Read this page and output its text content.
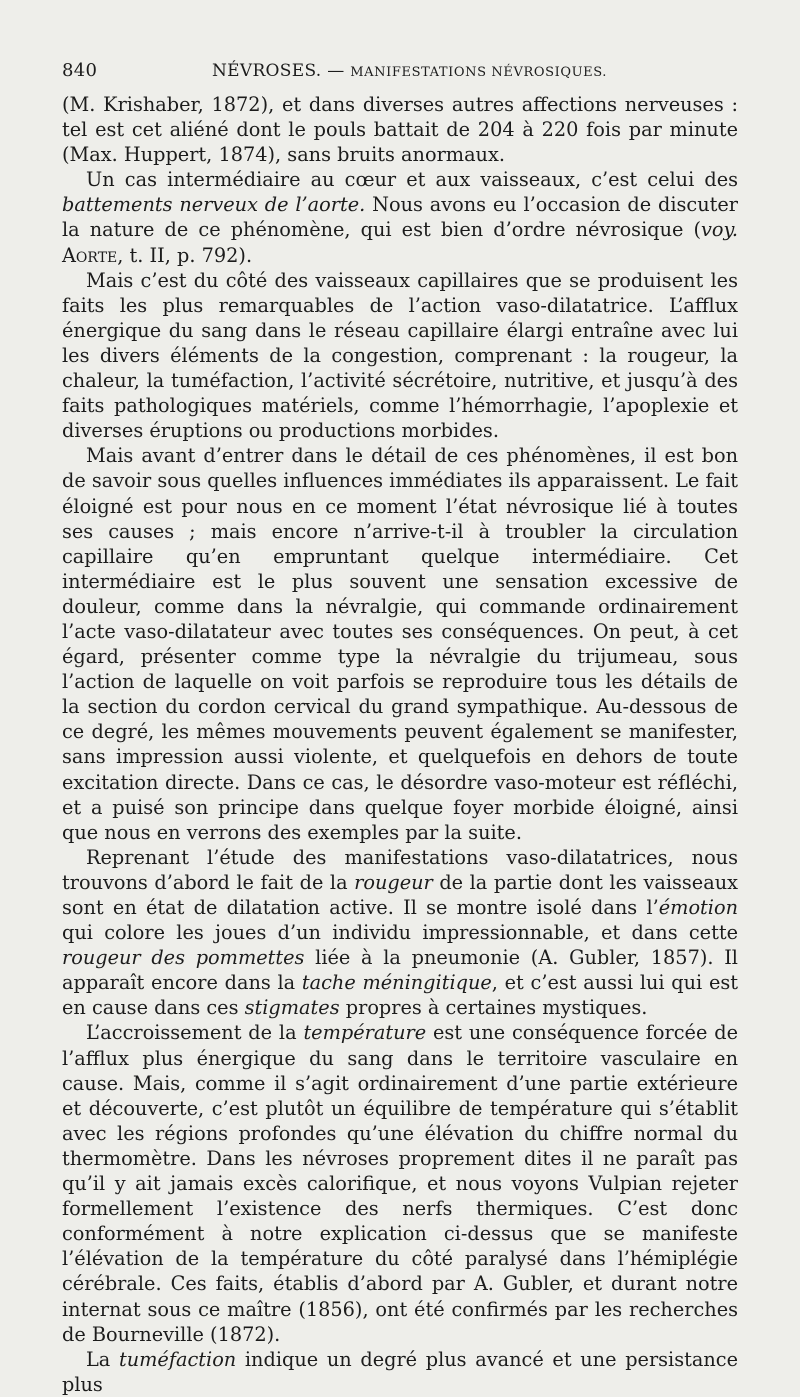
840	NÉVROSES. — MANIFESTATIONS NÉVROSIQUES.

(M. Krishaber, 1872), et dans diverses autres affections nerveuses : tel est cet aliéné dont le pouls battait de 204 à 220 fois par minute (Max. Huppert, 1874), sans bruits anormaux.

Un cas intermédiaire au cœur et aux vaisseaux, c’est celui des battements nerveux de l’aorte. Nous avons eu l’occasion de discuter la nature de ce phénomène, qui est bien d’ordre névrosique (voy. Aorte, t. II, p. 792).

Mais c’est du côté des vaisseaux capillaires que se produisent les faits les plus remarquables de l’action vaso-dilatatrice. L’afflux énergique du sang dans le réseau capillaire élargi entraîne avec lui les divers éléments de la congestion, comprenant : la rougeur, la chaleur, la tuméfaction, l’activité sécrétoire, nutritive, et jusqu’à des faits pathologiques matériels, comme l’hémorrhagie, l’apoplexie et diverses éruptions ou productions morbides.

Mais avant d’entrer dans le détail de ces phénomènes, il est bon de savoir sous quelles influences immédiates ils apparaissent. Le fait éloigné est pour nous en ce moment l’état névrosique lié à toutes ses causes ; mais encore n’arrive-t-il à troubler la circulation capillaire qu’en empruntant quelque intermédiaire. Cet intermédiaire est le plus souvent une sensation excessive de douleur, comme dans la névralgie, qui commande ordinairement l’acte vaso-dilatateur avec toutes ses conséquences. On peut, à cet égard, présenter comme type la névralgie du trijumeau, sous l’action de laquelle on voit parfois se reproduire tous les détails de la section du cordon cervical du grand sympathique. Au-dessous de ce degré, les mêmes mouvements peuvent également se manifester, sans impression aussi violente, et quelquefois en dehors de toute excitation directe. Dans ce cas, le désordre vaso-moteur est réfléchi, et a puisé son principe dans quelque foyer morbide éloigné, ainsi que nous en verrons des exemples par la suite.

Reprenant l’étude des manifestations vaso-dilatatrices, nous trouvons d’abord le fait de la rougeur de la partie dont les vaisseaux sont en état de dilatation active. Il se montre isolé dans l’émotion qui colore les joues d’un individu impressionnable, et dans cette rougeur des pommettes liée à la pneumonie (A. Gubler, 1857). Il apparaît encore dans la tache méningitique, et c’est aussi lui qui est en cause dans ces stigmates propres à certaines mystiques.

L’accroissement de la température est une conséquence forcée de l’afflux plus énergique du sang dans le territoire vasculaire en cause. Mais, comme il s’agit ordinairement d’une partie extérieure et découverte, c’est plutôt un équilibre de température qui s’établit avec les régions profondes qu’une élévation du chiffre normal du thermomètre. Dans les névroses proprement dites il ne paraît pas qu’il y ait jamais excès calorifique, et nous voyons Vulpian rejeter formellement l’existence des nerfs thermiques. C’est donc conformément à notre explication ci-dessus que se manifeste l’élévation de la température du côté paralysé dans l’hémiplégie cérébrale. Ces faits, établis d’abord par A. Gubler, et durant notre internat sous ce maître (1856), ont été confirmés par les recherches de Bourneville (1872).

La tuméfaction indique un degré plus avancé et une persistance plus
